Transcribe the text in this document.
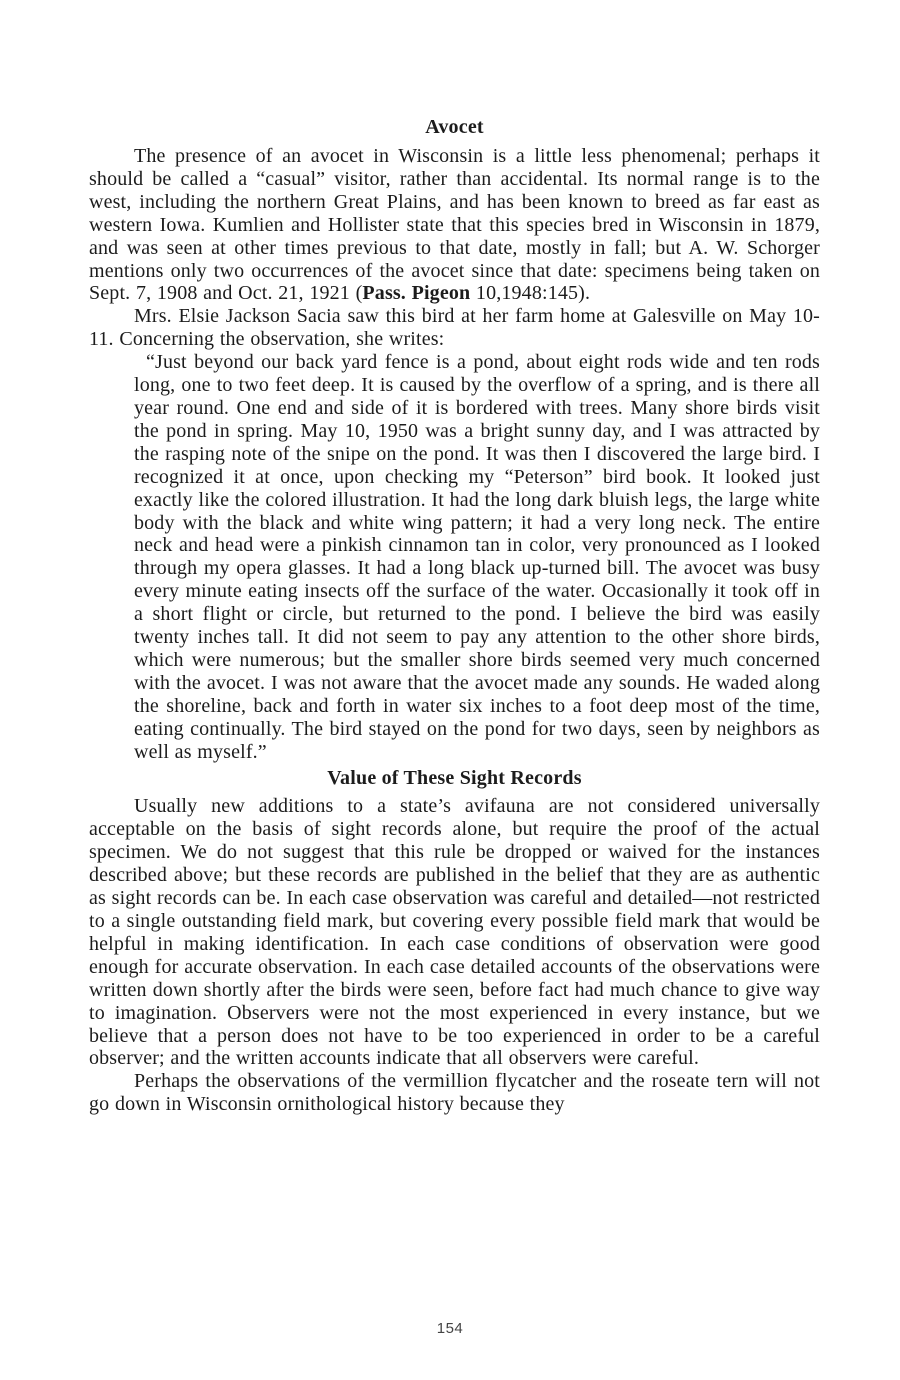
Avocet

The presence of an avocet in Wisconsin is a little less phenomenal; perhaps it should be called a “casual” visitor, rather than accidental. Its normal range is to the west, including the northern Great Plains, and has been known to breed as far east as western Iowa. Kumlien and Hollister state that this species bred in Wisconsin in 1879, and was seen at other times previous to that date, mostly in fall; but A. W. Schorger mentions only two occurrences of the avocet since that date: specimens being taken on Sept. 7, 1908 and Oct. 21, 1921 (Pass. Pigeon 10,1948:145).

Mrs. Elsie Jackson Sacia saw this bird at her farm home at Galesville on May 10-11. Concerning the observation, she writes:

“Just beyond our back yard fence is a pond, about eight rods wide and ten rods long, one to two feet deep. It is caused by the overflow of a spring, and is there all year round. One end and side of it is bordered with trees. Many shore birds visit the pond in spring. May 10, 1950 was a bright sunny day, and I was attracted by the rasping note of the snipe on the pond. It was then I discovered the large bird. I recognized it at once, upon checking my “Peterson” bird book. It looked just exactly like the colored illustration. It had the long dark bluish legs, the large white body with the black and white wing pattern; it had a very long neck. The entire neck and head were a pinkish cinnamon tan in color, very pronounced as I looked through my opera glasses. It had a long black up-turned bill. The avocet was busy every minute eating insects off the surface of the water. Occasionally it took off in a short flight or circle, but returned to the pond. I believe the bird was easily twenty inches tall. It did not seem to pay any attention to the other shore birds, which were numerous; but the smaller shore birds seemed very much concerned with the avocet. I was not aware that the avocet made any sounds. He waded along the shoreline, back and forth in water six inches to a foot deep most of the time, eating continually. The bird stayed on the pond for two days, seen by neighbors as well as myself.”

Value of These Sight Records

Usually new additions to a state’s avifauna are not considered universally acceptable on the basis of sight records alone, but require the proof of the actual specimen. We do not suggest that this rule be dropped or waived for the instances described above; but these records are published in the belief that they are as authentic as sight records can be. In each case observation was careful and detailed—not restricted to a single outstanding field mark, but covering every possible field mark that would be helpful in making identification. In each case conditions of observation were good enough for accurate observation. In each case detailed accounts of the observations were written down shortly after the birds were seen, before fact had much chance to give way to imagination. Observers were not the most experienced in every instance, but we believe that a person does not have to be too experienced in order to be a careful observer; and the written accounts indicate that all observers were careful.

Perhaps the observations of the vermillion flycatcher and the roseate tern will not go down in Wisconsin ornithological history because they

154
